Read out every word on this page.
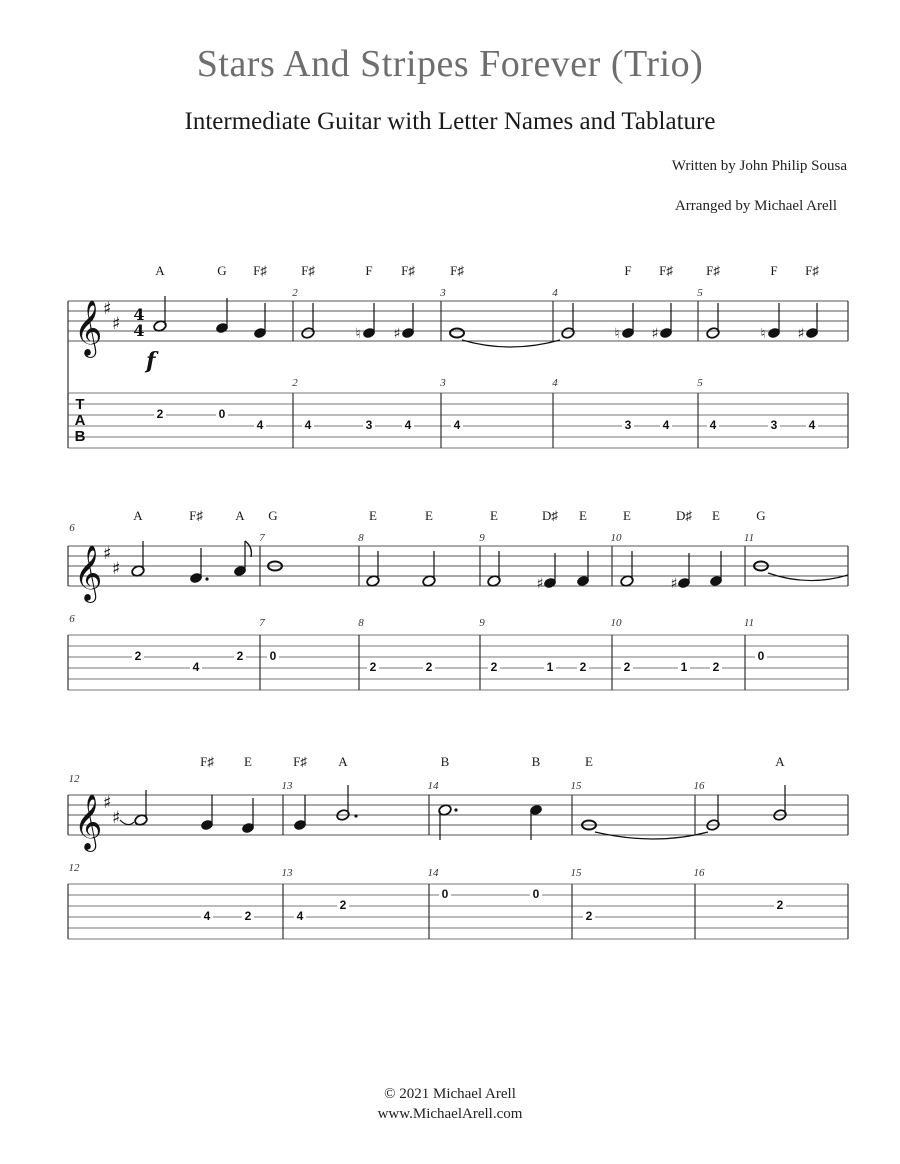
Stars And Stripes Forever (Trio)
Intermediate Guitar with Letter Names and Tablature
Written by John Philip Sousa
Arranged by Michael Arell
𝄞 ♯
♯ 4
4
f
♮ ♯	♮ ♯	♮ ♯
A	G F♯	F♯	F F♯	F♯	F F♯	F♯	F F♯
2	3	4	5
T
A
B
2	3	4	5
2	0
4	4	3	4	4	3	4	4	3	4
𝄞 ♯
♯
6
♯	♯
A	F♯ A G	E	E	E	D♯ E	E	D♯ E	G
7	8	9	10	11
6	7	8	9	10	11
2
4
2 0
2	2	2	1 2	2	1 2
0
𝄞 ♯
♯
12
F♯ E	F♯ A	B	B	E	A
13	14	15	16
12	13	14	15	16
4	2	4
2
0	0
2
2
© 2021 Michael Arell
www.MichaelArell.com
